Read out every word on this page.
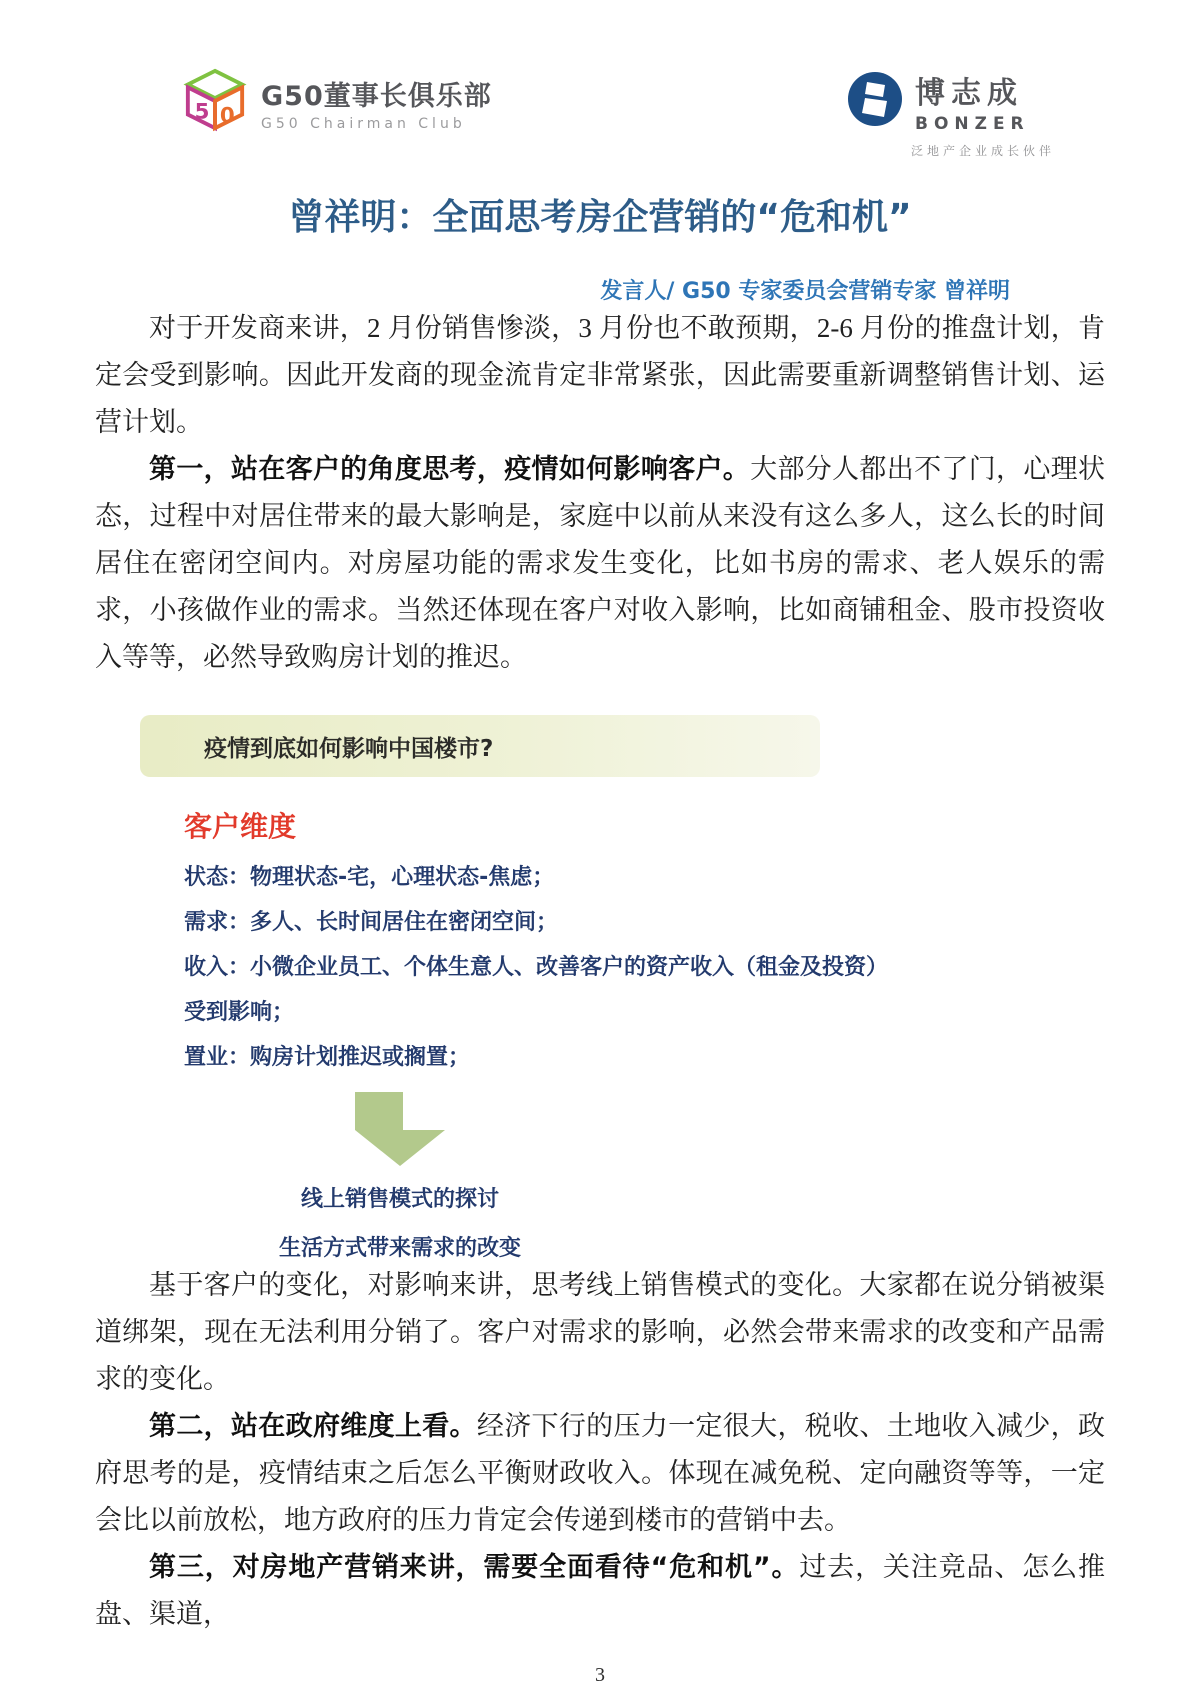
5 0
G50董事长俱乐部
G50 Chairman Club
博志成
BONZER
泛地产企业成长伙伴
曾祥明：全面思考房企营销的“危和机”
发言人/ G50 专家委员会营销专家 曾祥明

对于开发商来讲，2 月份销售惨淡，3 月份也不敢预期，2-6 月份的推盘计划，肯定会受到影响。因此开发商的现金流肯定非常紧张，因此需要重新调整销售计划、运营计划。

第一，站在客户的角度思考，疫情如何影响客户。大部分人都出不了门，心理状态，过程中对居住带来的最大影响是，家庭中以前从来没有这么多人，这么长的时间居住在密闭空间内。对房屋功能的需求发生变化，比如书房的需求、老人娱乐的需求，小孩做作业的需求。当然还体现在客户对收入影响，比如商铺租金、股市投资收入等等，必然导致购房计划的推迟。

疫情到底如何影响中国楼市?
客户维度
状态：物理状态-宅，心理状态-焦虑；
需求：多人、长时间居住在密闭空间；
收入：小微企业员工、个体生意人、改善客户的资产收入（租金及投资）
受到影响；
置业：购房计划推迟或搁置；
线上销售模式的探讨
生活方式带来需求的改变

基于客户的变化，对影响来讲，思考线上销售模式的变化。大家都在说分销被渠道绑架，现在无法利用分销了。客户对需求的影响，必然会带来需求的改变和产品需求的变化。

第二，站在政府维度上看。经济下行的压力一定很大，税收、土地收入减少，政府思考的是，疫情结束之后怎么平衡财政收入。体现在减免税、定向融资等等，一定会比以前放松，地方政府的压力肯定会传递到楼市的营销中去。

第三，对房地产营销来讲，需要全面看待“危和机”。过去，关注竞品、怎么推盘、渠道，

3
